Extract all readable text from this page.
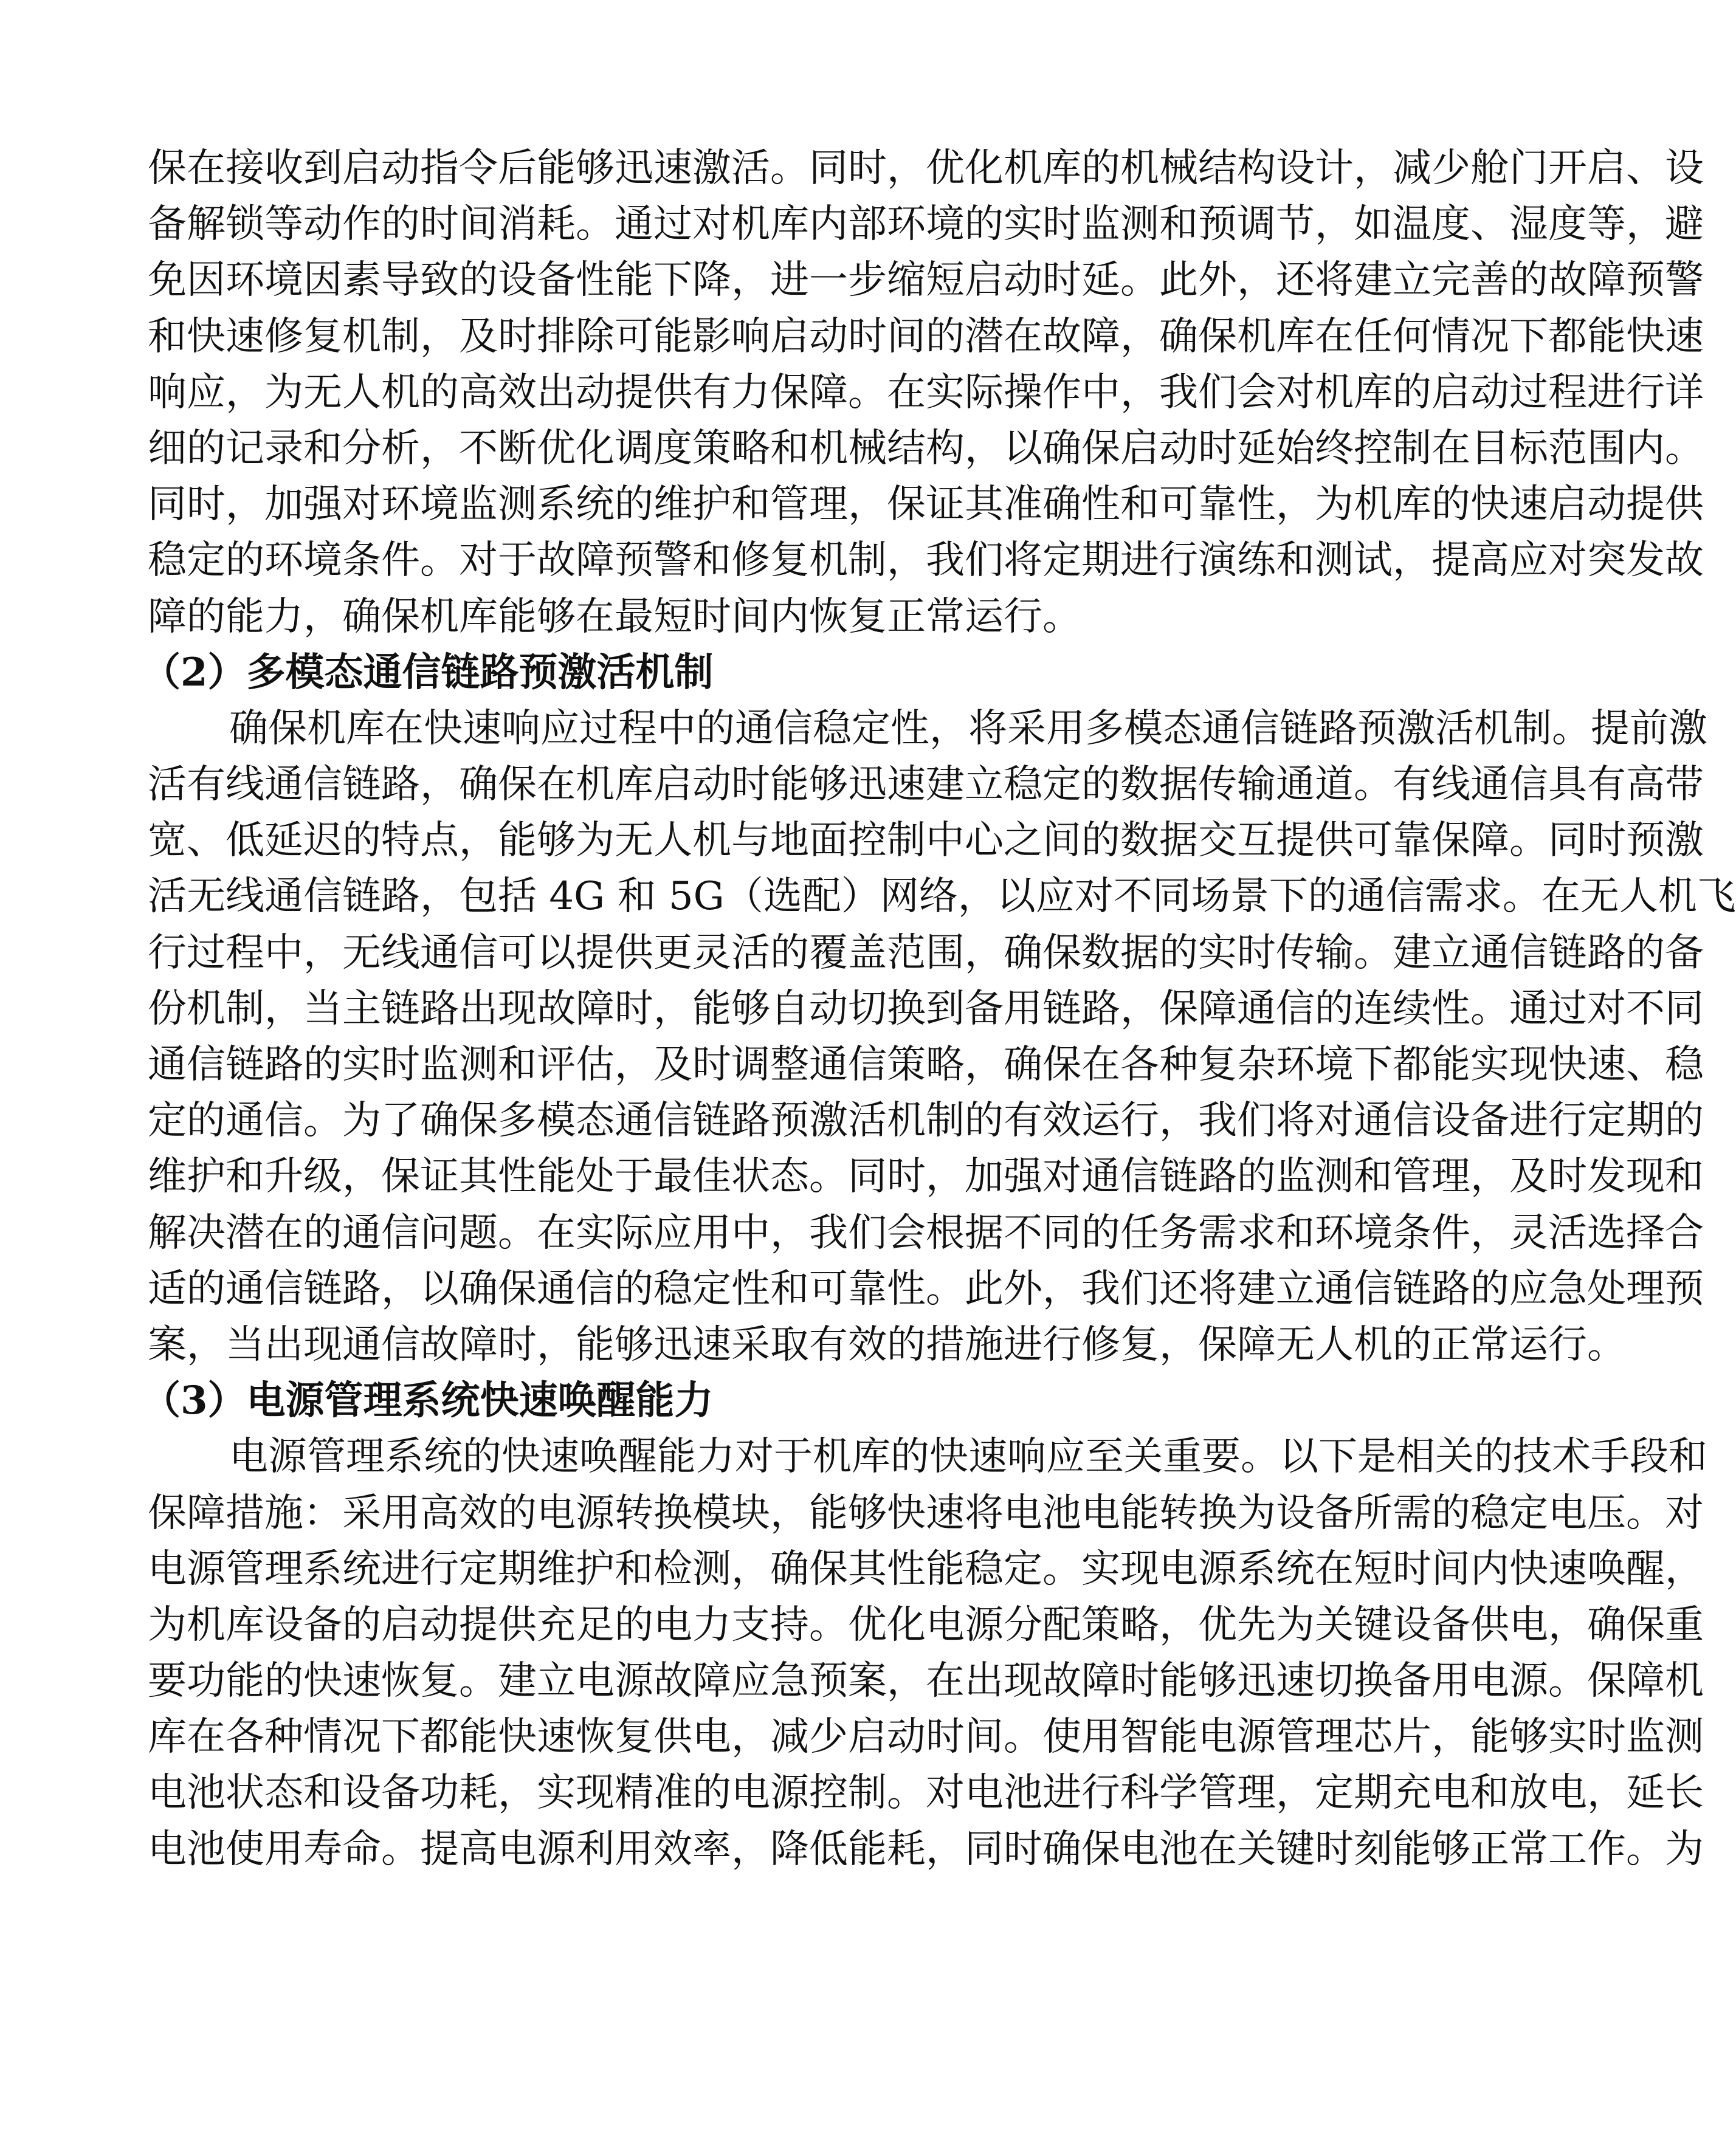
保在接收到启动指令后能够迅速激活。同时，优化机库的机械结构设计，减少舱门开启、设
备解锁等动作的时间消耗。通过对机库内部环境的实时监测和预调节，如温度、湿度等，避
免因环境因素导致的设备性能下降，进一步缩短启动时延。此外，还将建立完善的故障预警
和快速修复机制，及时排除可能影响启动时间的潜在故障，确保机库在任何情况下都能快速
响应，为无人机的高效出动提供有力保障。在实际操作中，我们会对机库的启动过程进行详
细的记录和分析，不断优化调度策略和机械结构，以确保启动时延始终控制在目标范围内。
同时，加强对环境监测系统的维护和管理，保证其准确性和可靠性，为机库的快速启动提供
稳定的环境条件。对于故障预警和修复机制，我们将定期进行演练和测试，提高应对突发故
障的能力，确保机库能够在最短时间内恢复正常运行。
（2）多模态通信链路预激活机制
确保机库在快速响应过程中的通信稳定性，将采用多模态通信链路预激活机制。提前激
活有线通信链路，确保在机库启动时能够迅速建立稳定的数据传输通道。有线通信具有高带
宽、低延迟的特点，能够为无人机与地面控制中心之间的数据交互提供可靠保障。同时预激
活无线通信链路，包括 4G 和 5G（选配）网络，以应对不同场景下的通信需求。在无人机飞
行过程中，无线通信可以提供更灵活的覆盖范围，确保数据的实时传输。建立通信链路的备
份机制，当主链路出现故障时，能够自动切换到备用链路，保障通信的连续性。通过对不同
通信链路的实时监测和评估，及时调整通信策略，确保在各种复杂环境下都能实现快速、稳
定的通信。为了确保多模态通信链路预激活机制的有效运行，我们将对通信设备进行定期的
维护和升级，保证其性能处于最佳状态。同时，加强对通信链路的监测和管理，及时发现和
解决潜在的通信问题。在实际应用中，我们会根据不同的任务需求和环境条件，灵活选择合
适的通信链路，以确保通信的稳定性和可靠性。此外，我们还将建立通信链路的应急处理预
案，当出现通信故障时，能够迅速采取有效的措施进行修复，保障无人机的正常运行。
（3）电源管理系统快速唤醒能力
电源管理系统的快速唤醒能力对于机库的快速响应至关重要。以下是相关的技术手段和
保障措施：采用高效的电源转换模块，能够快速将电池电能转换为设备所需的稳定电压。对
电源管理系统进行定期维护和检测，确保其性能稳定。实现电源系统在短时间内快速唤醒，
为机库设备的启动提供充足的电力支持。优化电源分配策略，优先为关键设备供电，确保重
要功能的快速恢复。建立电源故障应急预案，在出现故障时能够迅速切换备用电源。保障机
库在各种情况下都能快速恢复供电，减少启动时间。使用智能电源管理芯片，能够实时监测
电池状态和设备功耗，实现精准的电源控制。对电池进行科学管理，定期充电和放电，延长
电池使用寿命。提高电源利用效率，降低能耗，同时确保电池在关键时刻能够正常工作。为
